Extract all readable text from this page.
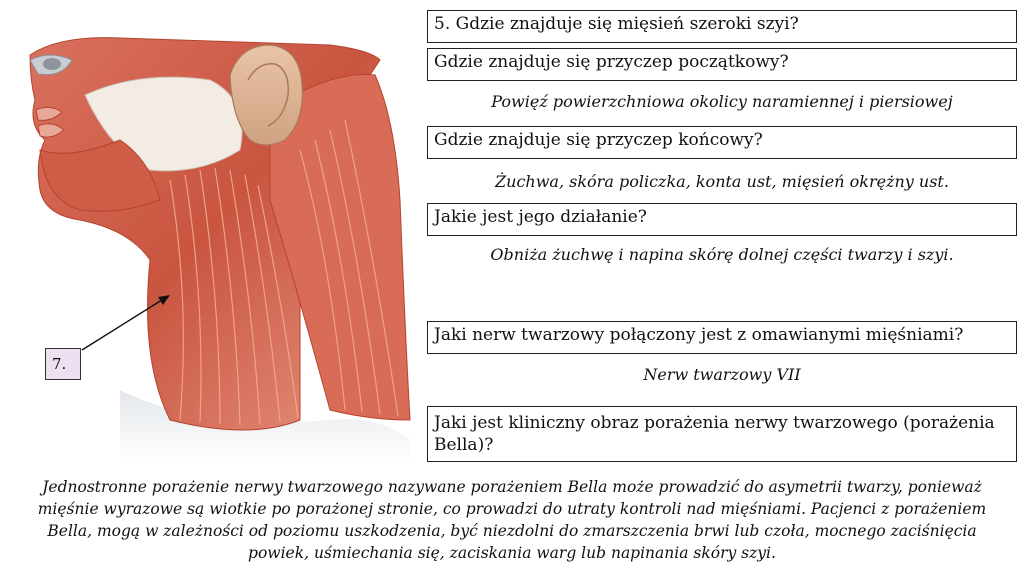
7.
5. Gdzie znajduje się mięsień szeroki szyi?
Gdzie znajduje się przyczep początkowy?
Powięź powierzchniowa okolicy naramiennej i piersiowej
Gdzie znajduje się przyczep końcowy?
Żuchwa, skóra policzka, konta ust, mięsień okrężny ust.
Jakie jest jego działanie?
Obniża żuchwę i napina skórę dolnej części twarzy i szyi.
Jaki nerw twarzowy połączony jest z omawianymi mięśniami?
Nerw twarzowy VII
Jaki jest kliniczny obraz porażenia nerwy twarzowego (porażenia Bella)?
Jednostronne porażenie nerwy twarzowego nazywane porażeniem Bella może prowadzić do asymetrii twarzy, ponieważ mięśnie wyrazowe są wiotkie po porażonej stronie, co prowadzi do utraty kontroli nad mięśniami. Pacjenci z porażeniem Bella, mogą w zależności od poziomu uszkodzenia, być niezdolni do zmarszczenia brwi lub czoła, mocnego zaciśnięcia powiek, uśmiechania się, zaciskania warg lub napinania skóry szyi.
